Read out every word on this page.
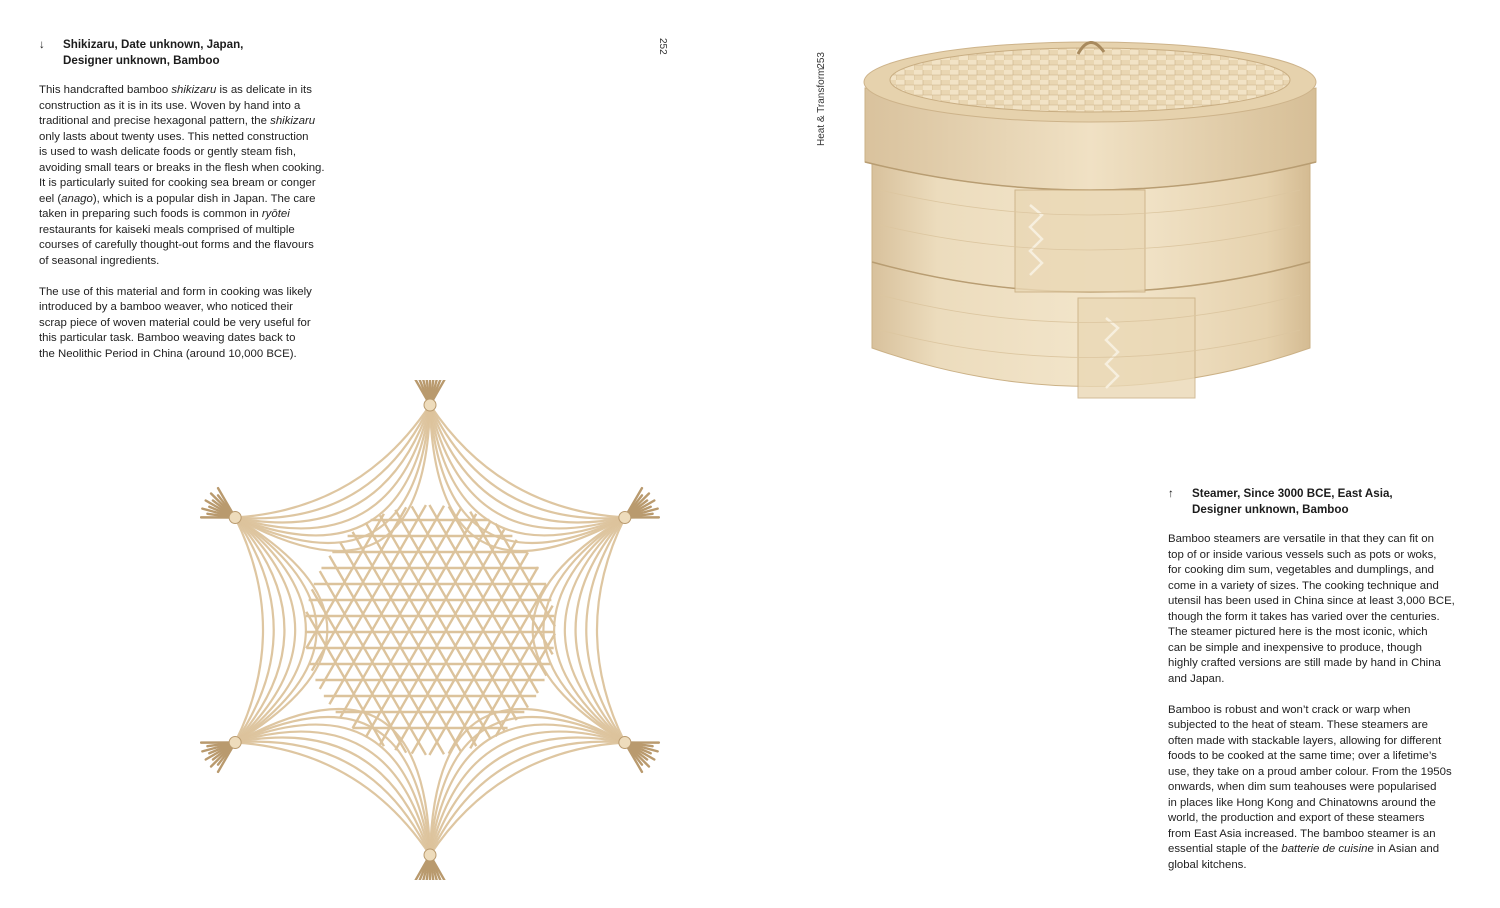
↓ Shikizaru, Date unknown, Japan,
Designer unknown, Bamboo

This handcrafted bamboo shikizaru is as delicate in its
construction as it is in its use. Woven by hand into a
traditional and precise hexagonal pattern, the shikizaru
only lasts about twenty uses. This netted construction
is used to wash delicate foods or gently steam fish,
avoiding small tears or breaks in the flesh when cooking.
It is particularly suited for cooking sea bream or conger
eel (anago), which is a popular dish in Japan. The care
taken in preparing such foods is common in ryōtei
restaurants for kaiseki meals comprised of multiple
courses of carefully thought-out forms and the flavours
of seasonal ingredients.

The use of this material and form in cooking was likely
introduced by a bamboo weaver, who noticed their
scrap piece of woven material could be very useful for
this particular task. Bamboo weaving dates back to
the Neolithic Period in China (around 10,000 BCE).

252
253
Heat & Transform
↑ Steamer, Since 3000 BCE, East Asia,
Designer unknown, Bamboo

Bamboo steamers are versatile in that they can fit on
top of or inside various vessels such as pots or woks,
for cooking dim sum, vegetables and dumplings, and
come in a variety of sizes. The cooking technique and
utensil has been used in China since at least 3,000 BCE,
though the form it takes has varied over the centuries.
The steamer pictured here is the most iconic, which
can be simple and inexpensive to produce, though
highly crafted versions are still made by hand in China
and Japan.

Bamboo is robust and won’t crack or warp when
subjected to the heat of steam. These steamers are
often made with stackable layers, allowing for different
foods to be cooked at the same time; over a lifetime’s
use, they take on a proud amber colour. From the 1950s
onwards, when dim sum teahouses were popularised
in places like Hong Kong and Chinatowns around the
world, the production and export of these steamers
from East Asia increased. The bamboo steamer is an
essential staple of the batterie de cuisine in Asian and
global kitchens.
